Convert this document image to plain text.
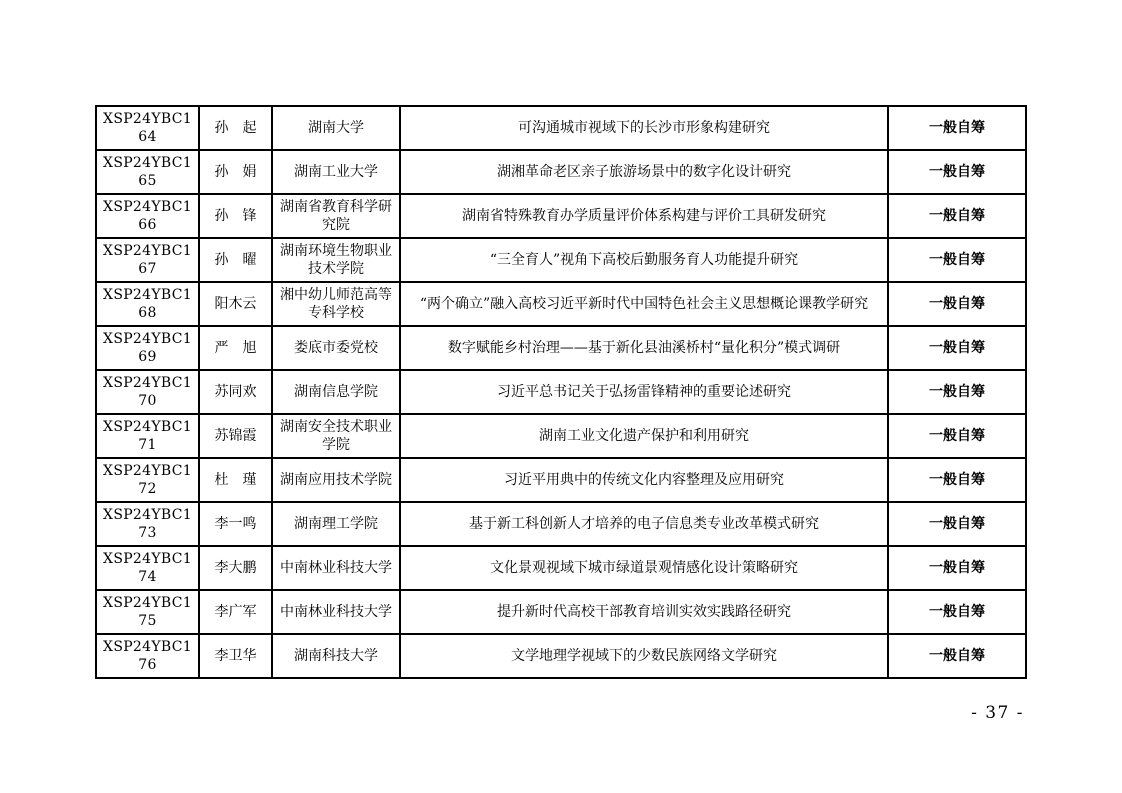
XSP24YBC164	孙　起	湖南大学	可沟通城市视域下的长沙市形象构建研究	一般自筹
XSP24YBC165	孙　娟	湖南工业大学	湖湘革命老区亲子旅游场景中的数字化设计研究	一般自筹
XSP24YBC166	孙　锋	湖南省教育科学研究院	湖南省特殊教育办学质量评价体系构建与评价工具研发研究	一般自筹
XSP24YBC167	孙　曜	湖南环境生物职业技术学院	“三全育人”视角下高校后勤服务育人功能提升研究	一般自筹
XSP24YBC168	阳木云	湘中幼儿师范高等专科学校	“两个确立”融入高校习近平新时代中国特色社会主义思想概论课教学研究	一般自筹
XSP24YBC169	严　旭	娄底市委党校	数字赋能乡村治理——基于新化县油溪桥村“量化积分”模式调研	一般自筹
XSP24YBC170	苏同欢	湖南信息学院	习近平总书记关于弘扬雷锋精神的重要论述研究	一般自筹
XSP24YBC171	苏锦霞	湖南安全技术职业学院	湖南工业文化遗产保护和利用研究	一般自筹
XSP24YBC172	杜　瑾	湖南应用技术学院	习近平用典中的传统文化内容整理及应用研究	一般自筹
XSP24YBC173	李一鸣	湖南理工学院	基于新工科创新人才培养的电子信息类专业改革模式研究	一般自筹
XSP24YBC174	李大鹏	中南林业科技大学	文化景观视域下城市绿道景观情感化设计策略研究	一般自筹
XSP24YBC175	李广军	中南林业科技大学	提升新时代高校干部教育培训实效实践路径研究	一般自筹
XSP24YBC176	李卫华	湖南科技大学	文学地理学视域下的少数民族网络文学研究	一般自筹
- 37 -
